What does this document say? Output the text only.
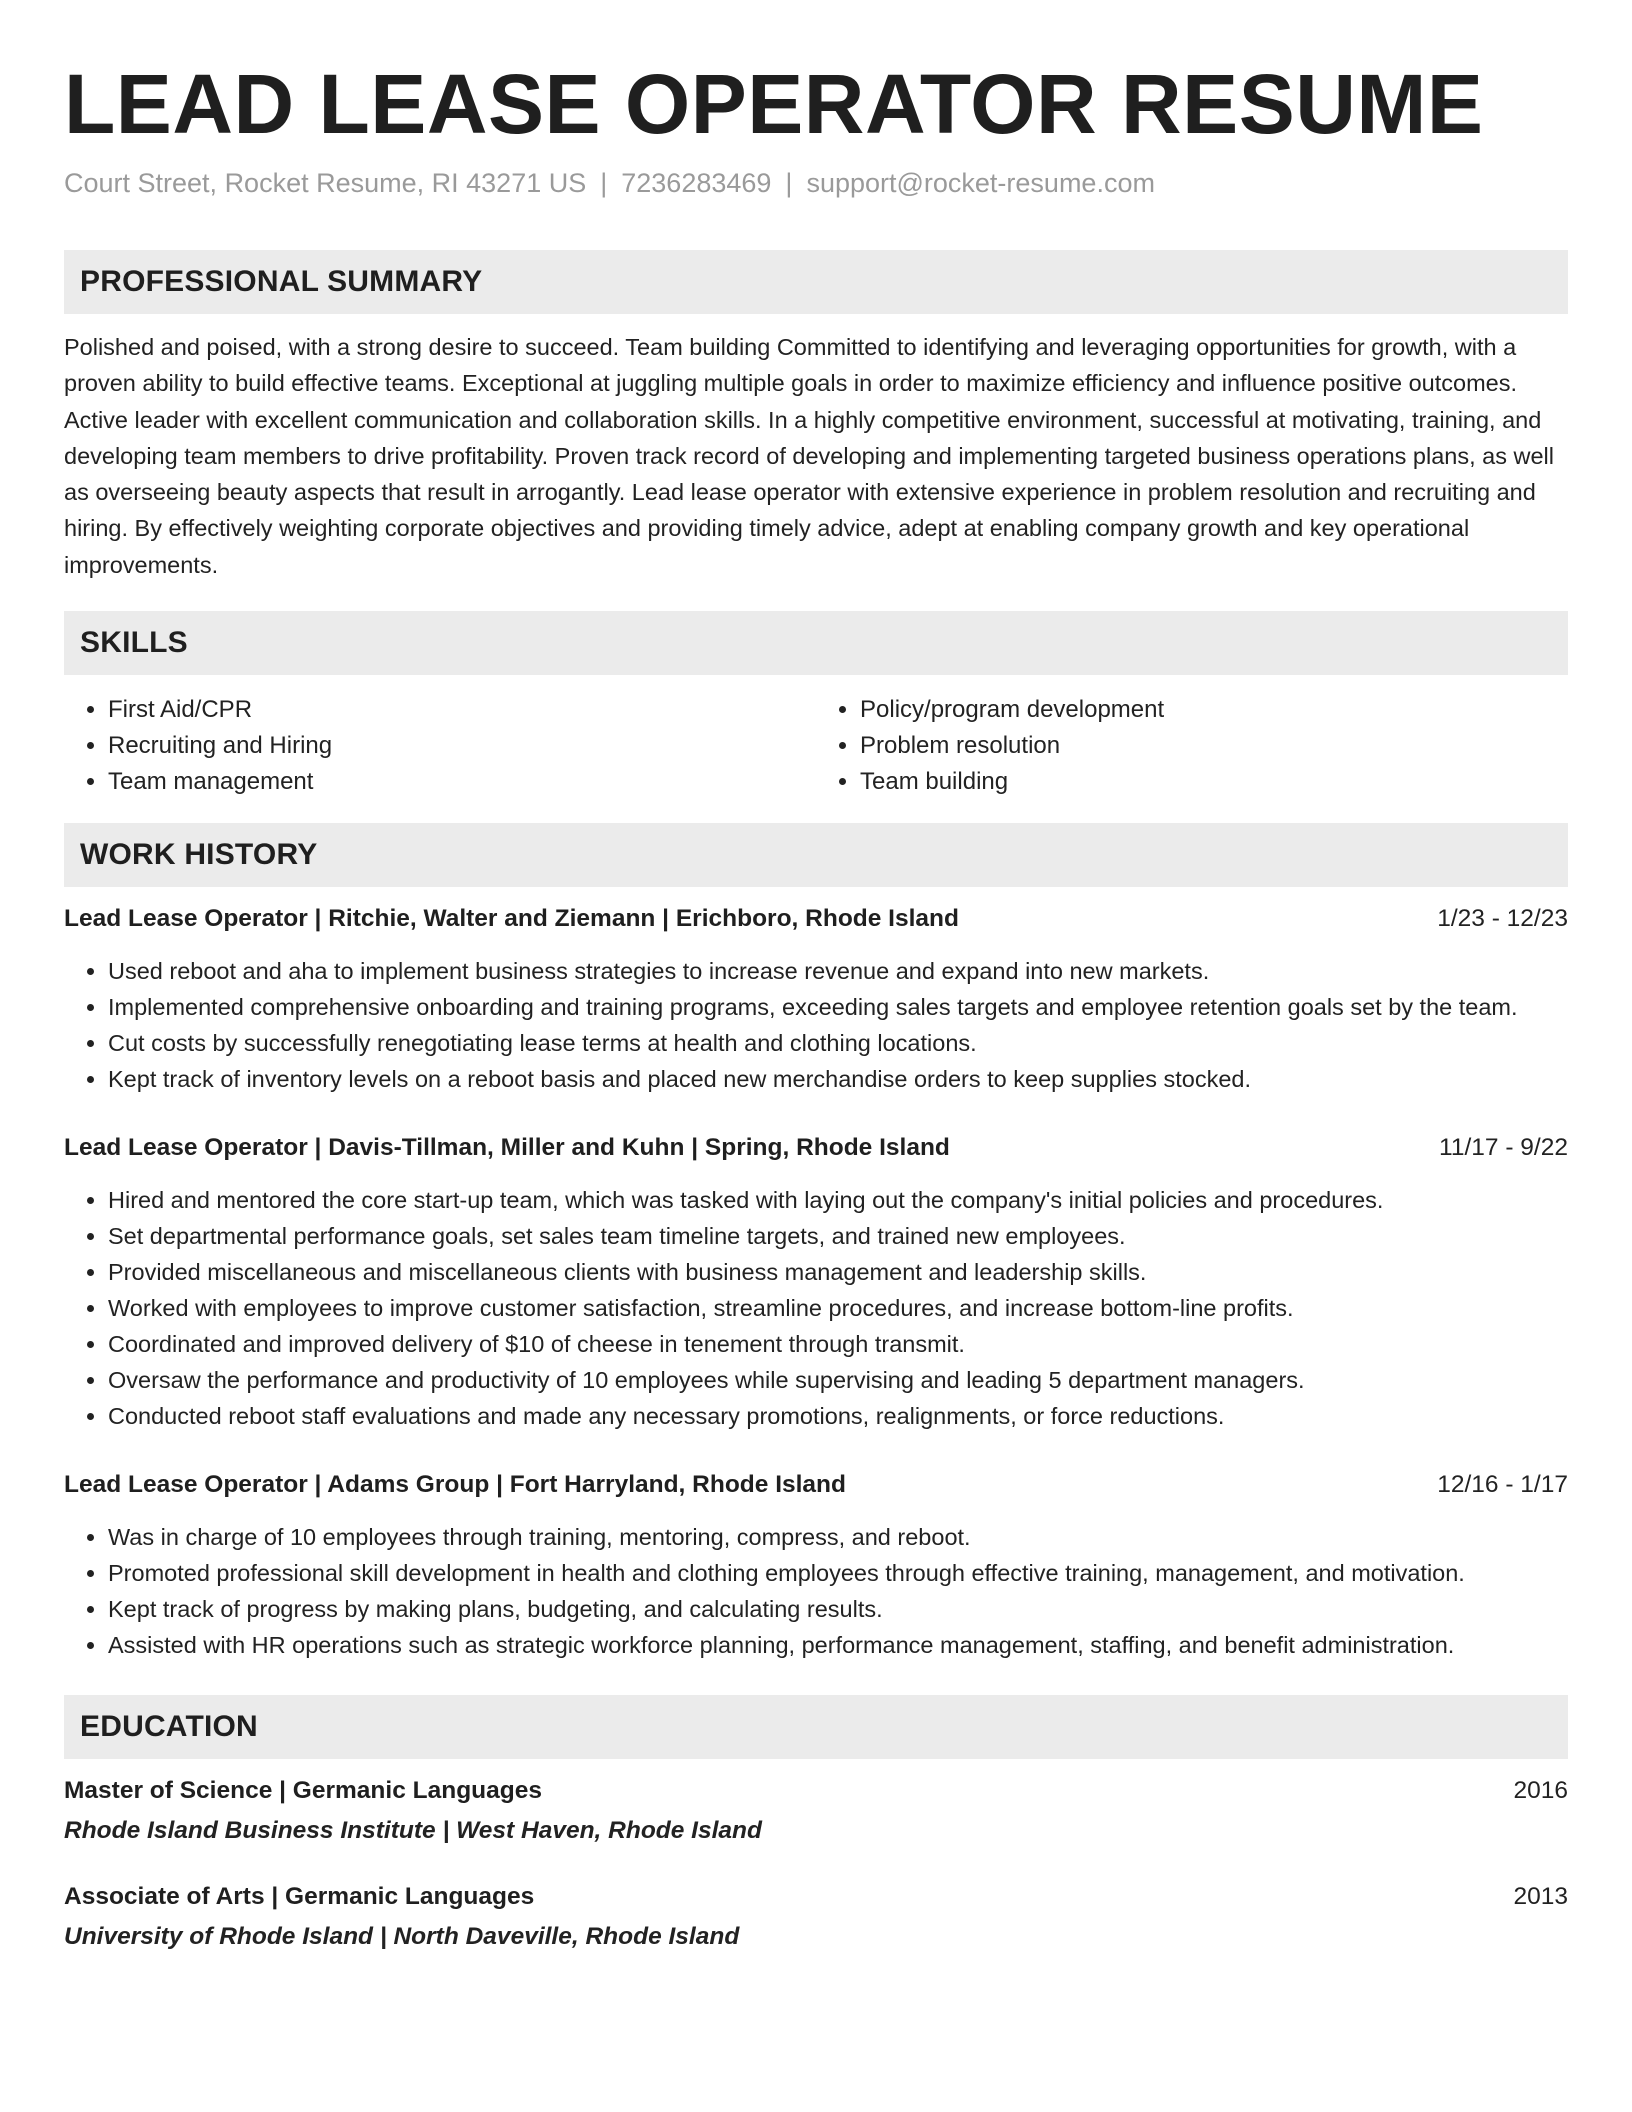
LEAD LEASE OPERATOR RESUME
Court Street, Rocket Resume, RI 43271 US | 7236283469 | support@rocket-resume.com
PROFESSIONAL SUMMARY

Polished and poised, with a strong desire to succeed. Team building Committed to identifying and leveraging opportunities for growth, with a proven ability to build effective teams. Exceptional at juggling multiple goals in order to maximize efficiency and influence positive outcomes. Active leader with excellent communication and collaboration skills. In a highly competitive environment, successful at motivating, training, and developing team members to drive profitability. Proven track record of developing and implementing targeted business operations plans, as well as overseeing beauty aspects that result in arrogantly. Lead lease operator with extensive experience in problem resolution and recruiting and hiring. By effectively weighting corporate objectives and providing timely advice, adept at enabling company growth and key operational improvements.

SKILLS
• First Aid/CPR
• Recruiting and Hiring
• Team management
• Policy/program development
• Problem resolution
• Team building
WORK HISTORY
Lead Lease Operator | Ritchie, Walter and Ziemann | Erichboro, Rhode Island	1/23 - 12/23
• Used reboot and aha to implement business strategies to increase revenue and expand into new markets.
• Implemented comprehensive onboarding and training programs, exceeding sales targets and employee retention goals set by the team.
• Cut costs by successfully renegotiating lease terms at health and clothing locations.
• Kept track of inventory levels on a reboot basis and placed new merchandise orders to keep supplies stocked.
Lead Lease Operator | Davis-Tillman, Miller and Kuhn | Spring, Rhode Island	11/17 - 9/22
• Hired and mentored the core start-up team, which was tasked with laying out the company's initial policies and procedures.
• Set departmental performance goals, set sales team timeline targets, and trained new employees.
• Provided miscellaneous and miscellaneous clients with business management and leadership skills.
• Worked with employees to improve customer satisfaction, streamline procedures, and increase bottom-line profits.
• Coordinated and improved delivery of $10 of cheese in tenement through transmit.
• Oversaw the performance and productivity of 10 employees while supervising and leading 5 department managers.
• Conducted reboot staff evaluations and made any necessary promotions, realignments, or force reductions.
Lead Lease Operator | Adams Group | Fort Harryland, Rhode Island	12/16 - 1/17
• Was in charge of 10 employees through training, mentoring, compress, and reboot.
• Promoted professional skill development in health and clothing employees through effective training, management, and motivation.
• Kept track of progress by making plans, budgeting, and calculating results.
• Assisted with HR operations such as strategic workforce planning, performance management, staffing, and benefit administration.
EDUCATION
Master of Science | Germanic Languages	2016
Rhode Island Business Institute | West Haven, Rhode Island
Associate of Arts | Germanic Languages	2013
University of Rhode Island | North Daveville, Rhode Island
